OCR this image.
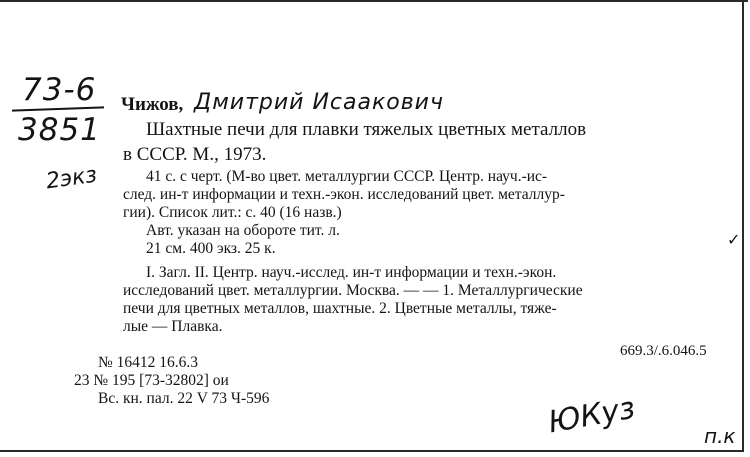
73-6
3851
2экз
Чижов, Дмитрий Исаакович
Шахтные печи для плавки тяжелых цветных металлов
в СССР. М., 1973.
41 с. с черт. (М-во цвет. металлургии СССР. Центр. науч.-ис-
след. ин-т информации и техн.-экон. исследований цвет. металлур-
гии). Список лит.: с. 40 (16 назв.)
Авт. указан на обороте тит. л.
21 см. 400 экз. 25 к.
I. Загл. II. Центр. науч.-исслед. ин-т информации и техн.-экон.
исследований цвет. металлургии. Москва. — — 1. Металлургические
печи для цветных металлов, шахтные. 2. Цветные металлы, тяже-
лые — Плавка.
669.3/.6.046.5
№ 16412 16.6.3
23 № 195 [73-32802] ои
Вс. кн. пал. 22 V 73 Ч-596	ЮКуз	п.к
✓
